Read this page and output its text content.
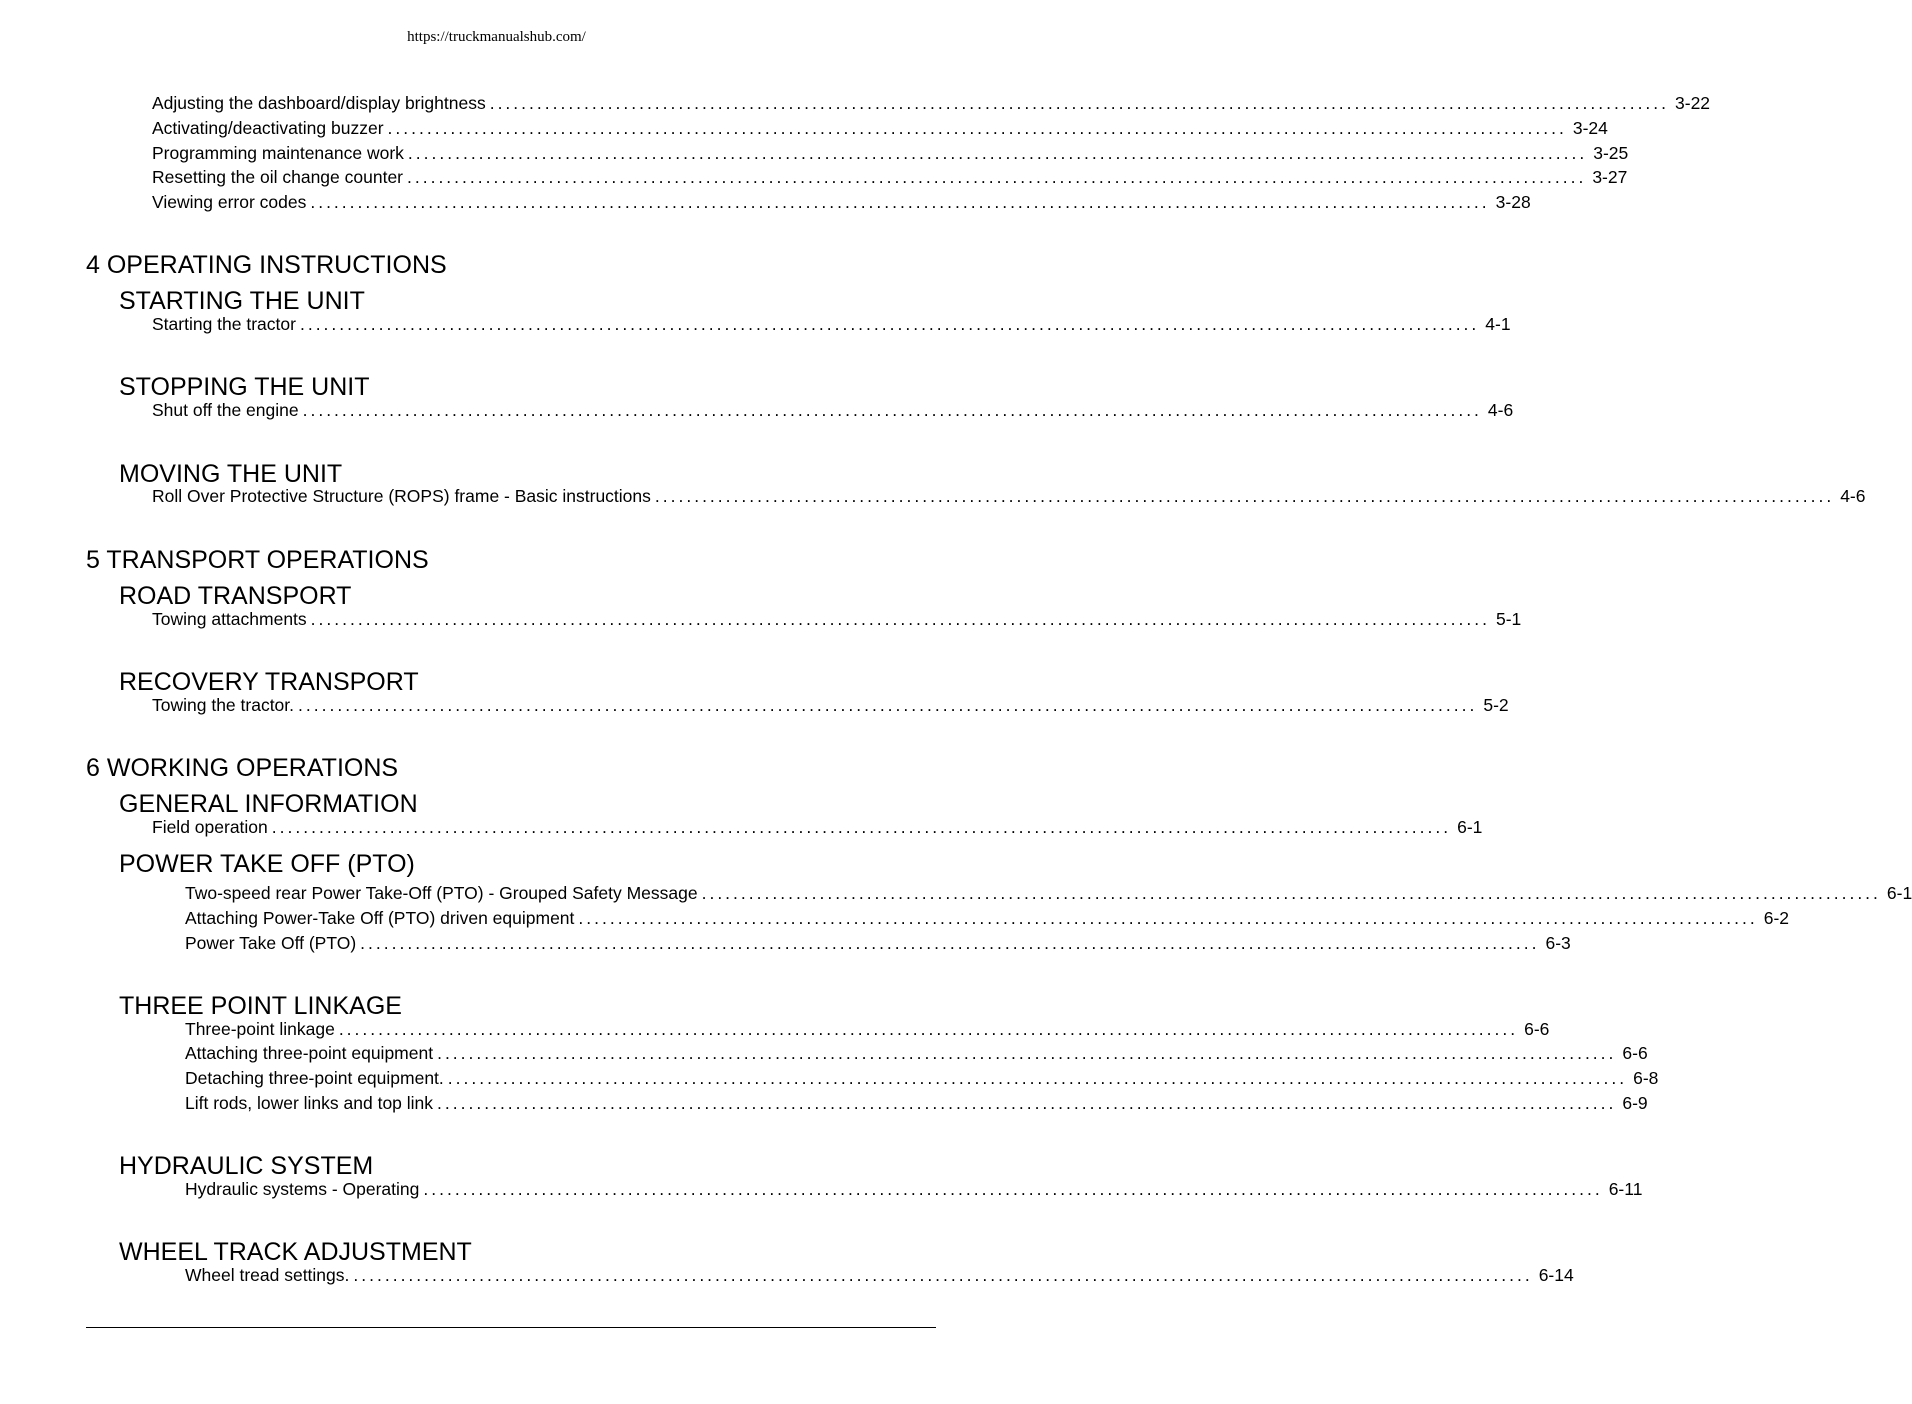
https://truckmanualshub.com/
Adjusting the dashboard/display brightness ...................................................................................................................................................... 3-22
Activating/deactivating buzzer ...................................................................................................................................................... 3-24
Programming maintenance work ...................................................................................................................................................... 3-25
Resetting the oil change counter ...................................................................................................................................................... 3-27
Viewing error codes ...................................................................................................................................................... 3-28
4 OPERATING INSTRUCTIONS
STARTING THE UNIT
Starting the tractor ...................................................................................................................................................... 4-1
STOPPING THE UNIT
Shut off the engine ...................................................................................................................................................... 4-6
MOVING THE UNIT
Roll Over Protective Structure (ROPS) frame - Basic instructions ...................................................................................................................................................... 4-6
5 TRANSPORT OPERATIONS
ROAD TRANSPORT
Towing attachments ...................................................................................................................................................... 5-1
RECOVERY TRANSPORT
Towing the tractor. ...................................................................................................................................................... 5-2
6 WORKING OPERATIONS
GENERAL INFORMATION
Field operation ...................................................................................................................................................... 6-1
POWER TAKE OFF (PTO)
Two-speed rear Power Take-Off (PTO) - Grouped Safety Message ...................................................................................................................................................... 6-1
Attaching Power-Take Off (PTO) driven equipment ...................................................................................................................................................... 6-2
Power Take Off (PTO) ...................................................................................................................................................... 6-3
THREE POINT LINKAGE
Three-point linkage ...................................................................................................................................................... 6-6
Attaching three-point equipment ...................................................................................................................................................... 6-6
Detaching three-point equipment. ...................................................................................................................................................... 6-8
Lift rods, lower links and top link ...................................................................................................................................................... 6-9
HYDRAULIC SYSTEM
Hydraulic systems - Operating ...................................................................................................................................................... 6-11
WHEEL TRACK ADJUSTMENT
Wheel tread settings. ...................................................................................................................................................... 6-14
